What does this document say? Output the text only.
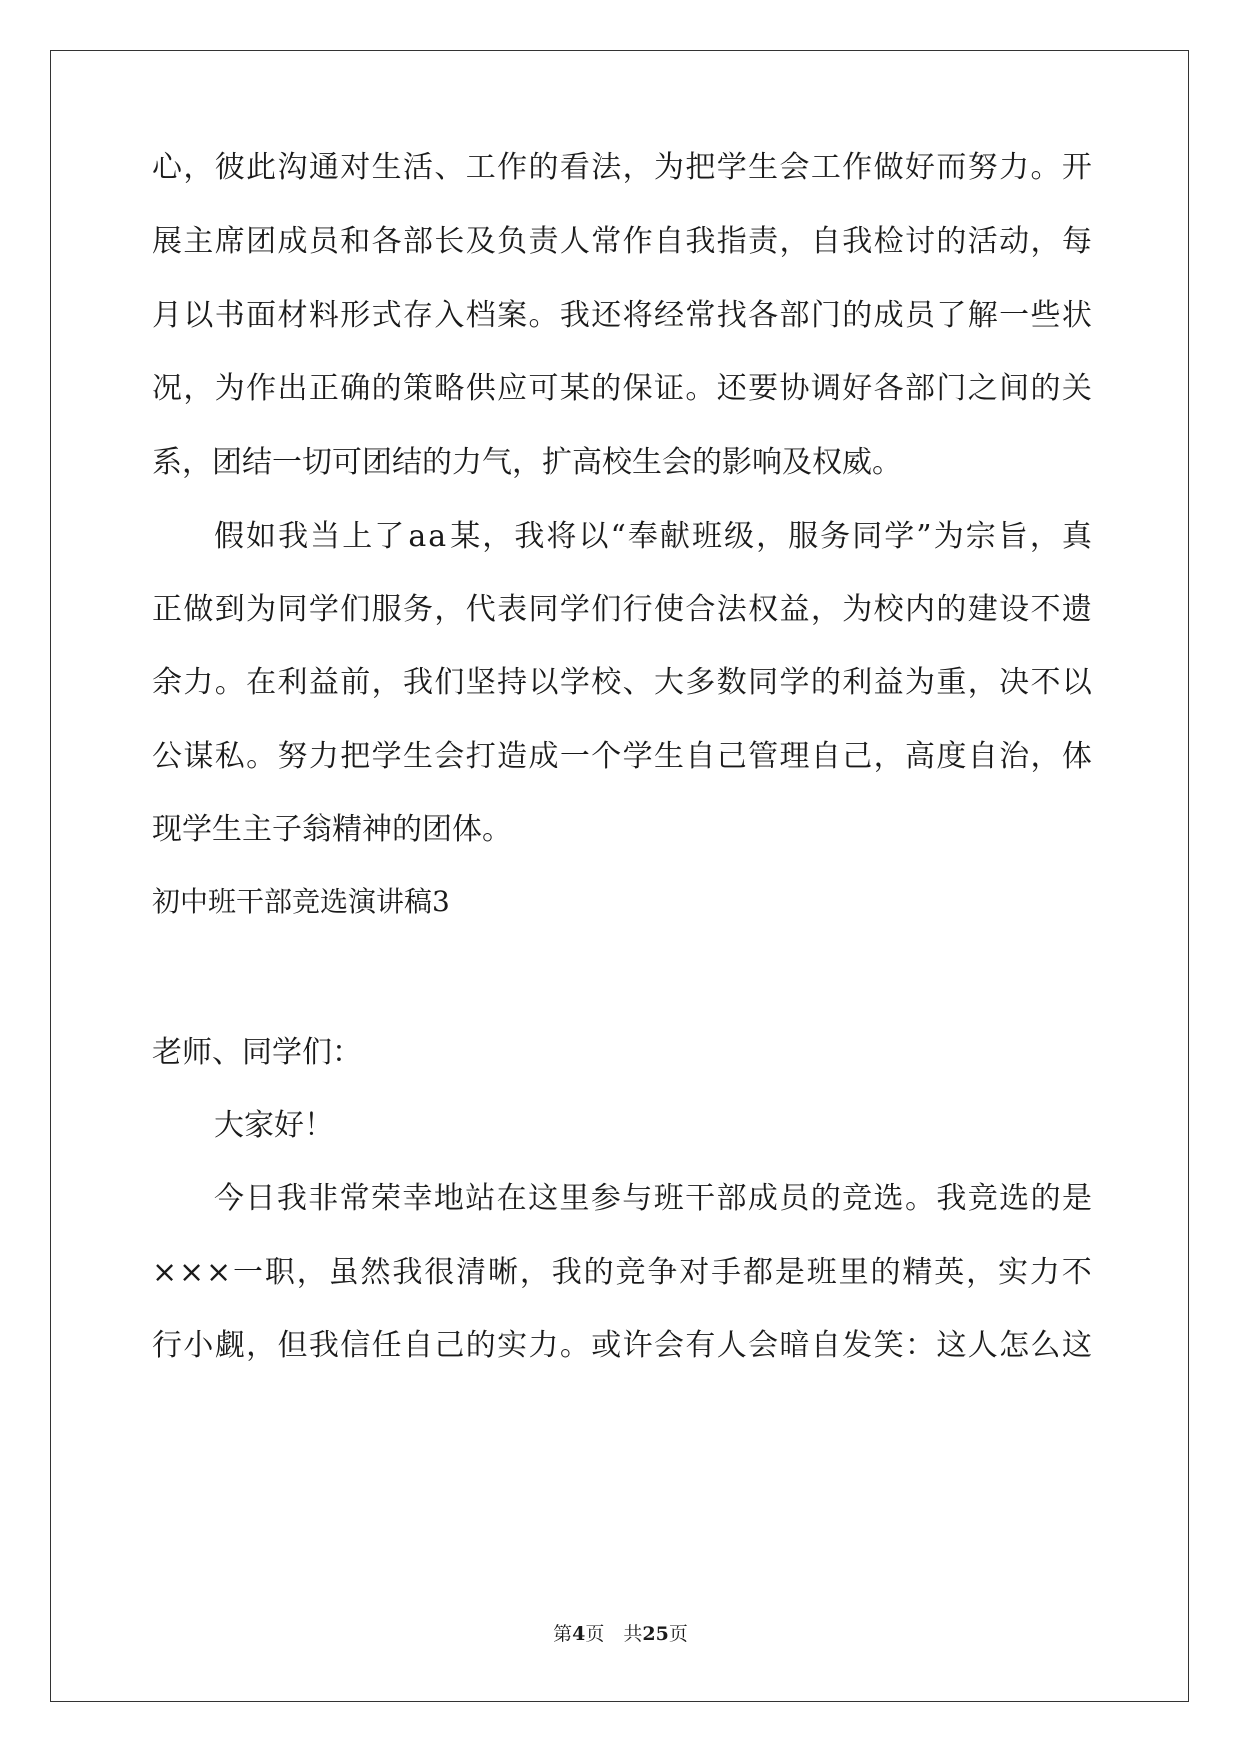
心 ， 彼 此 沟 通 对 生 活 、 工 作 的 看 法 ， 为 把 学 生 会 工 作 做 好 而 努 力 。 开
展 主 席 团 成 员 和 各 部 长 及 负 责 人 常 作 自 我 指 责 ， 自 我 检 讨 的 活 动 ， 每
月 以 书 面 材 料 形 式 存 入 档 案 。 我 还 将 经 常 找 各 部 门 的 成 员 了 解 一 些 状
况 ， 为 作 出 正 确 的 策 略 供 应 可 某 的 保 证 。 还 要 协 调 好 各 部 门 之 间 的 关
系，团结一切可团结的力气，扩高校生会的影响及权威。
假 如 我 当 上 了 a a 某 ， 我 将 以 “ 奉 献 班 级 ， 服 务 同 学 ” 为 宗 旨 ， 真
正 做 到 为 同 学 们 服 务 ， 代 表 同 学 们 行 使 合 法 权 益 ， 为 校 内 的 建 设 不 遗
余 力 。 在 利 益 前 ， 我 们 坚 持 以 学 校 、 大 多 数 同 学 的 利 益 为 重 ， 决 不 以
公 谋 私 。 努 力 把 学 生 会 打 造 成 一 个 学 生 自 己 管 理 自 己 ， 高 度 自 治 ， 体
现学生主子翁精神的团体。
初中班干部竞选演讲稿3
老师、同学们：
大家好！
今 日 我 非 常 荣 幸 地 站 在 这 里 参 与 班 干 部 成 员 的 竞 选 。 我 竞 选 的 是
× × × 一 职 ， 虽 然 我 很 清 晰 ， 我 的 竞 争 对 手 都 是 班 里 的 精 英 ， 实 力 不
行 小 觑 ， 但 我 信 任 自 己 的 实 力 。 或 许 会 有 人 会 暗 自 发 笑 ： 这 人 怎 么 这
第4页　共25页
